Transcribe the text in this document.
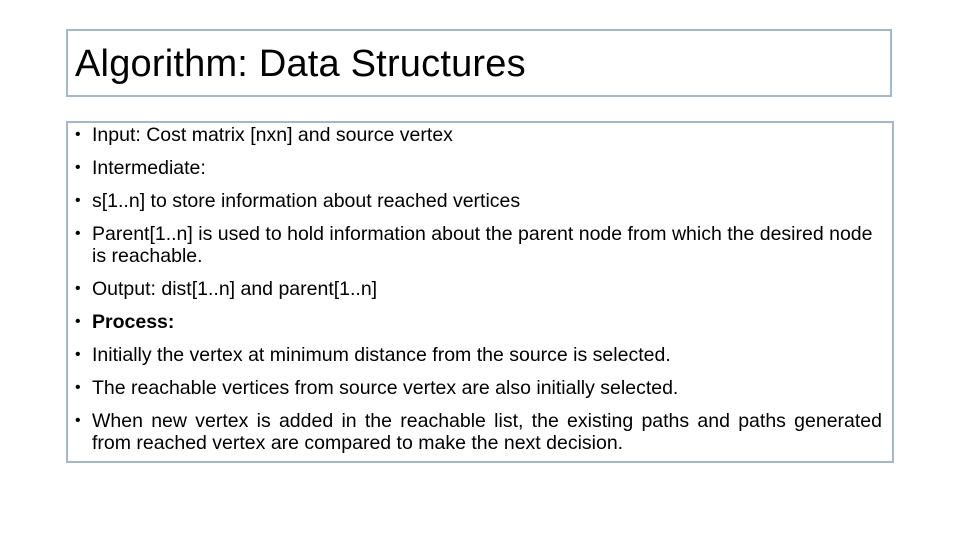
Algorithm: Data Structures
• Input: Cost matrix [nxn] and source vertex
• Intermediate:
• s[1..n] to store information about reached vertices
• Parent[1..n] is used to hold information about the parent node from which the desired node is reachable.
• Output: dist[1..n] and parent[1..n]
• Process:
• Initially the vertex at minimum distance from the source is selected.
• The reachable vertices from source vertex are also initially selected.
• When new vertex is added in the reachable list, the existing paths and paths generated from reached vertex are compared to make the next decision.
